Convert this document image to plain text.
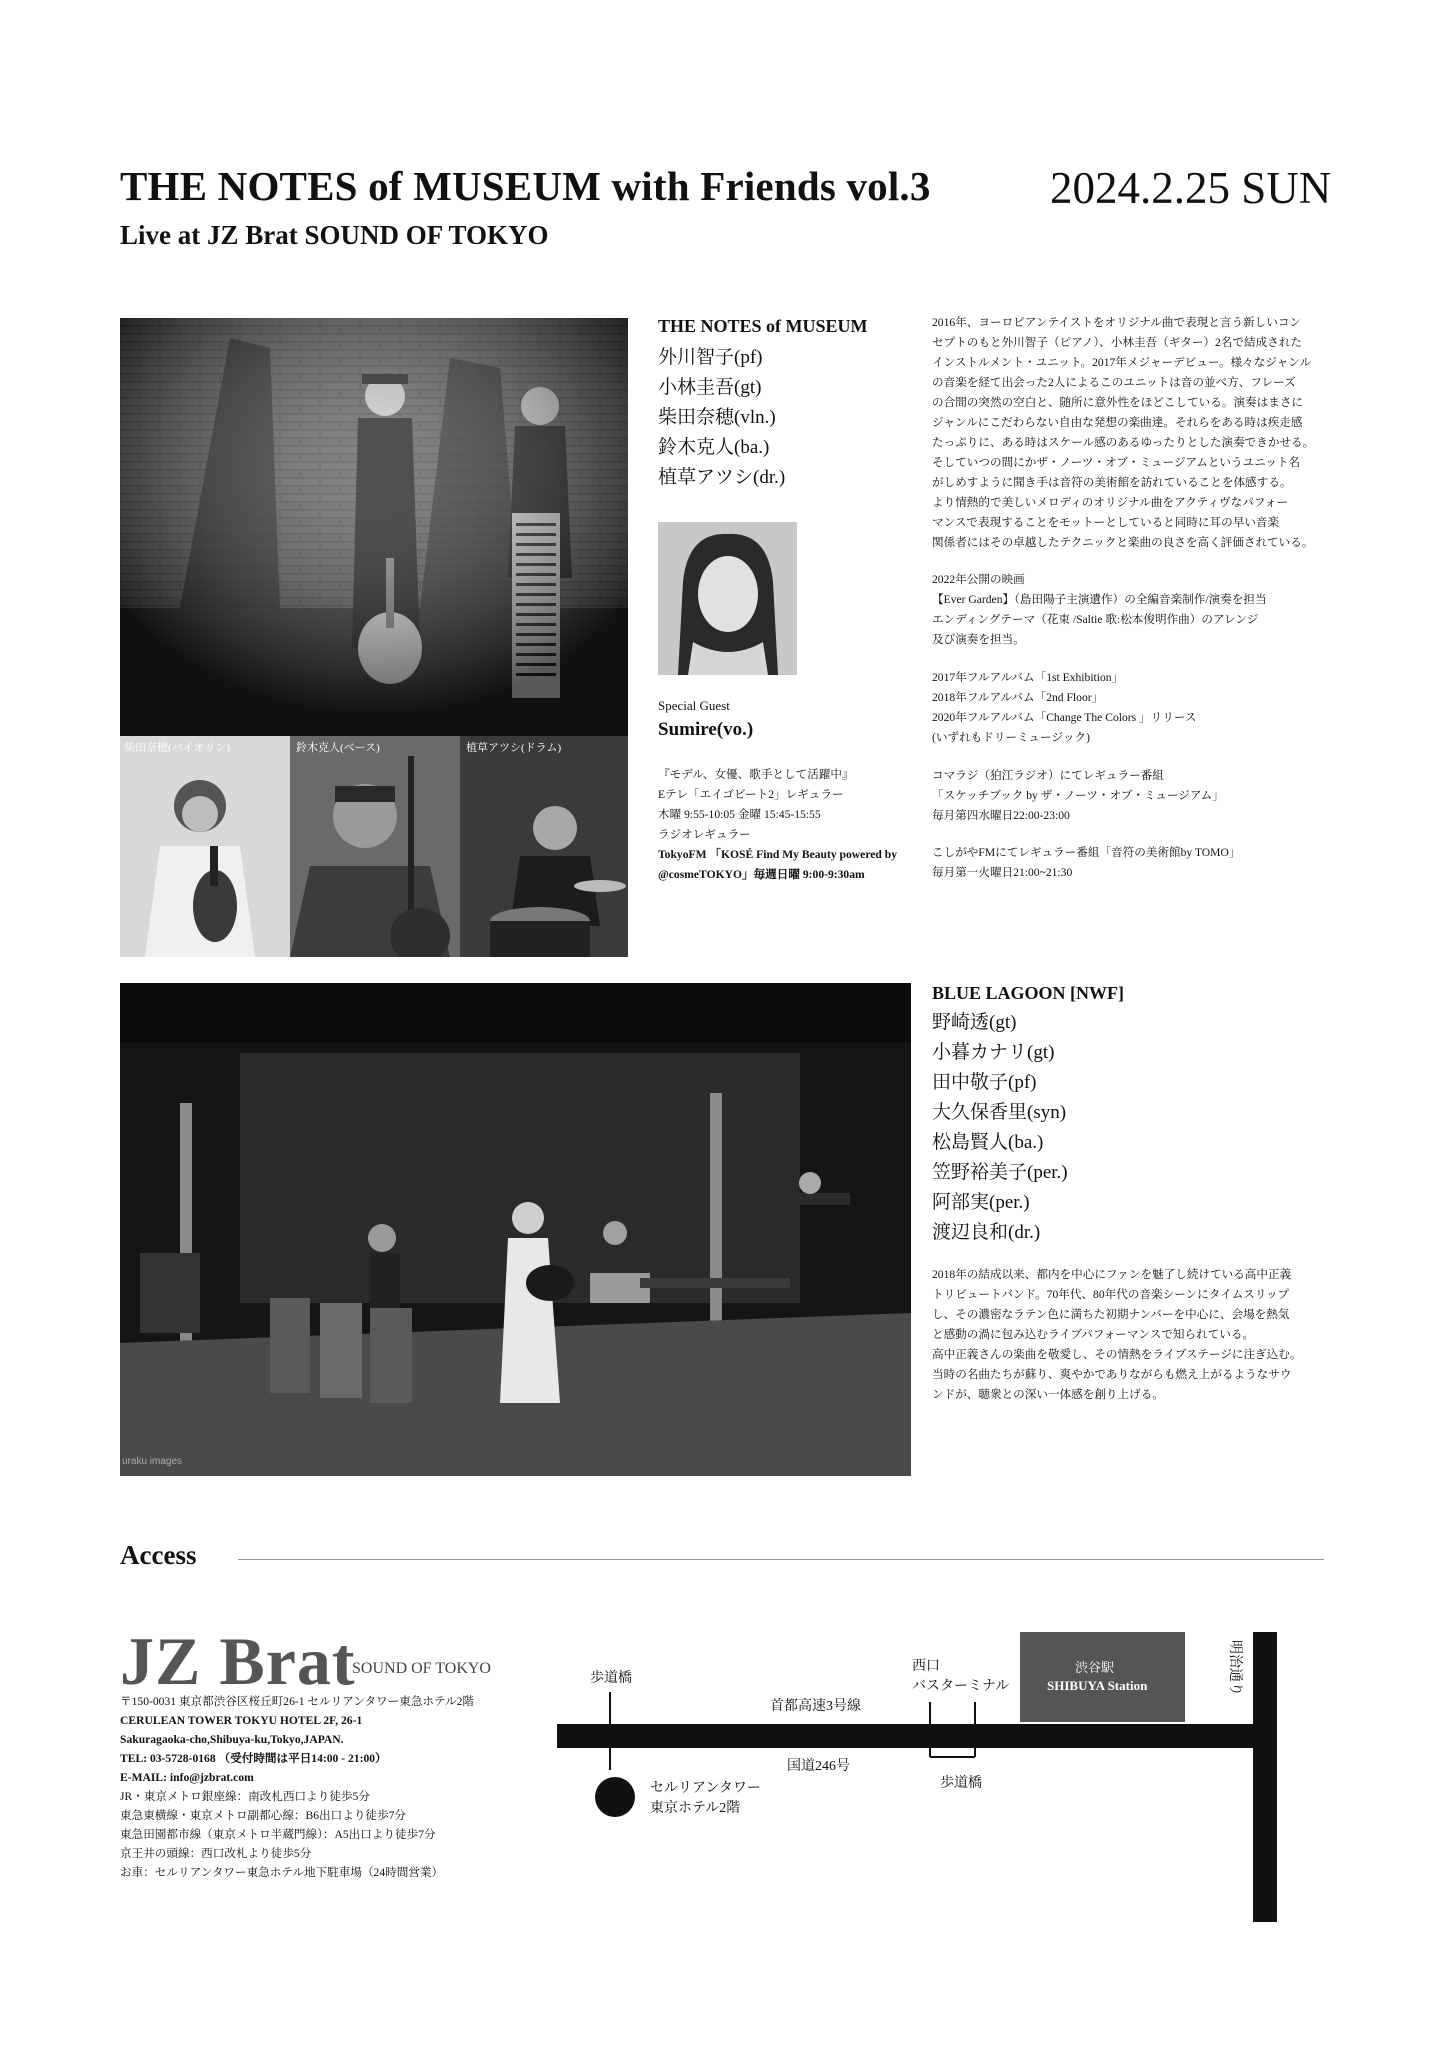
THE NOTES of MUSEUM with Friends vol.3	2024.2.25 SUN
Live at JZ Brat SOUND OF TOKYO
柴田奈穂(バイオリン)	鈴木克人(ベース)	植草アツシ(ドラム)
THE NOTES of MUSEUM
外川智子(pf)
小林圭吾(gt)
柴田奈穂(vln.)
鈴木克人(ba.)
植草アツシ(dr.)
Special Guest
Sumire(vo.)
『モデル、女優、歌手として活躍中』
Eテレ「エイゴビート2」レギュラー
木曜 9:55-10:05 金曜 15:45-15:55
ラジオレギュラー
TokyoFM 「KOSÉ Find My Beauty powered by
@cosmeTOKYO」毎週日曜 9:00-9:30am

2016年、ヨーロピアンテイストをオリジナル曲で表現と言う新しいコン

セプトのもと外川智子（ピアノ）、小林圭吾（ギター）2名で結成された

インストルメント・ユニット。2017年メジャーデビュー。様々なジャンル

の音楽を経て出会った2人によるこのユニットは音の並べ方、フレーズ

の合間の突然の空白と、随所に意外性をほどこしている。演奏はまさに

ジャンルにこだわらない自由な発想の楽曲達。それらをある時は疾走感

たっぷりに、ある時はスケール感のあるゆったりとした演奏できかせる。

そしていつの間にかザ・ノーツ・オブ・ミュージアムというユニット名

がしめすように聞き手は音符の美術館を訪れていることを体感する。

より情熱的で美しいメロディのオリジナル曲をアクティヴなパフォー

マンスで表現することをモットーとしていると同時に耳の早い音楽

関係者にはその卓越したテクニックと楽曲の良さを高く評価されている。

2022年公開の映画

【Ever Garden】（島田陽子主演遺作）の全編音楽制作/演奏を担当

エンディングテーマ（花束 /Saltie 歌:松本俊明作曲）のアレンジ

及び演奏を担当。

2017年フルアルバム「1st Exhibition」

2018年フルアルバム「2nd Floor」

2020年フルアルバム「Change The Colors 」リリース

(いずれもドリーミュージック)

コマラジ（狛江ラジオ）にてレギュラー番組

「スケッチブック by ザ・ノーツ・オブ・ミュージアム」

毎月第四水曜日22:00-23:00

こしがやFMにてレギュラー番組「音符の美術館by TOMO」

毎月第一火曜日21:00~21:30

uraku images
BLUE LAGOON [NWF]
野崎透(gt)
小暮カナリ(gt)
田中敬子(pf)
大久保香里(syn)
松島賢人(ba.)
笠野裕美子(per.)
阿部実(per.)
渡辺良和(dr.)

2018年の結成以来、都内を中心にファンを魅了し続けている高中正義

トリビュートバンド。70年代、80年代の音楽シーンにタイムスリップ

し、その濃密なラテン色に満ちた初期ナンバーを中心に、会場を熱気

と感動の渦に包み込むライブパフォーマンスで知られている。

高中正義さんの楽曲を敬愛し、その情熱をライブステージに注ぎ込む。

当時の名曲たちが蘇り、爽やかでありながらも燃え上がるようなサウ

ンドが、聴衆との深い一体感を創り上げる。

Access
JZ Brat
SOUND OF TOKYO
〒150-0031 東京都渋谷区桜丘町26-1 セルリアンタワー東急ホテル2階
CERULEAN TOWER TOKYU HOTEL 2F, 26-1
Sakuragaoka-cho,Shibuya-ku,Tokyo,JAPAN.
TEL: 03-5728-0168 （受付時間は平日14:00 - 21:00）
E-MAIL: info@jzbrat.com
JR・東京メトロ銀座線：南改札西口より徒歩5分
東急東横線・東京メトロ副都心線：B6出口より徒歩7分
東急田園都市線（東京メトロ半蔵門線）：A5出口より徒歩7分
京王井の頭線：西口改札より徒歩5分
お車：セルリアンタワー東急ホテル地下駐車場（24時間営業）
歩道橋
首都高速3号線
西口
バスターミナル
渋谷駅
SHIBUYA Station	明治通り
国道246号
歩道橋
セルリアンタワー
東京ホテル2階
